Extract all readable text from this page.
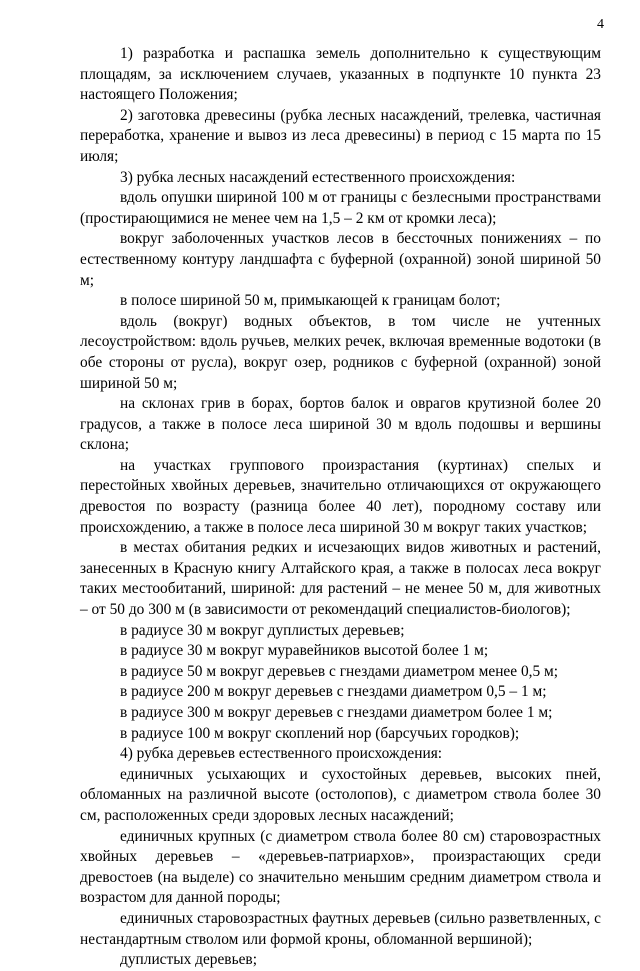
4

1) разработка и распашка земель дополнительно к существующим площадям, за исключением случаев, указанных в подпункте 10 пункта 23 настоящего Положения;

2) заготовка древесины (рубка лесных насаждений, трелевка, частичная переработка, хранение и вывоз из леса древесины) в период с 15 марта по 15 июля;

3) рубка лесных насаждений естественного происхождения:

вдоль опушки шириной 100 м от границы с безлесными пространствами (простирающимися не менее чем на 1,5 – 2 км от кромки леса);

вокруг заболоченных участков лесов в бессточных понижениях – по естественному контуру ландшафта с буферной (охранной) зоной шириной 50 м;

в полосе шириной 50 м, примыкающей к границам болот;

вдоль (вокруг) водных объектов, в том числе не учтенных лесоустройством: вдоль ручьев, мелких речек, включая временные водотоки (в обе стороны от русла), вокруг озер, родников с буферной (охранной) зоной шириной 50 м;

на склонах грив в борах, бортов балок и оврагов крутизной более 20 градусов, а также в полосе леса шириной 30 м вдоль подошвы и вершины склона;

на участках группового произрастания (куртинах) спелых и перестойных хвойных деревьев, значительно отличающихся от окружающего древостоя по возрасту (разница более 40 лет), породному составу или происхождению, а также в полосе леса шириной 30 м вокруг таких участков;

в местах обитания редких и исчезающих видов животных и растений, занесенных в Красную книгу Алтайского края, а также в полосах леса вокруг таких местообитаний, шириной: для растений – не менее 50 м, для животных – от 50 до 300 м (в зависимости от рекомендаций специалистов-биологов);

в радиусе 30 м вокруг дуплистых деревьев;

в радиусе 30 м вокруг муравейников высотой более 1 м;

в радиусе 50 м вокруг деревьев с гнездами диаметром менее 0,5 м;

в радиусе 200 м вокруг деревьев с гнездами диаметром 0,5 – 1 м;

в радиусе 300 м вокруг деревьев с гнездами диаметром более 1 м;

в радиусе 100 м вокруг скоплений нор (барсучьих городков);

4) рубка деревьев естественного происхождения:

единичных усыхающих и сухостойных деревьев, высоких пней, обломанных на различной высоте (остолопов), с диаметром ствола более 30 см, расположенных среди здоровых лесных насаждений;

единичных крупных (с диаметром ствола более 80 см) старовозрастных хвойных деревьев – «деревьев-патриархов», произрастающих среди древостоев (на выделе) со значительно меньшим средним диаметром ствола и возрастом для данной породы;

единичных старовозрастных фаутных деревьев (сильно разветвленных, с нестандартным стволом или формой кроны, обломанной вершиной);

дуплистых деревьев;
